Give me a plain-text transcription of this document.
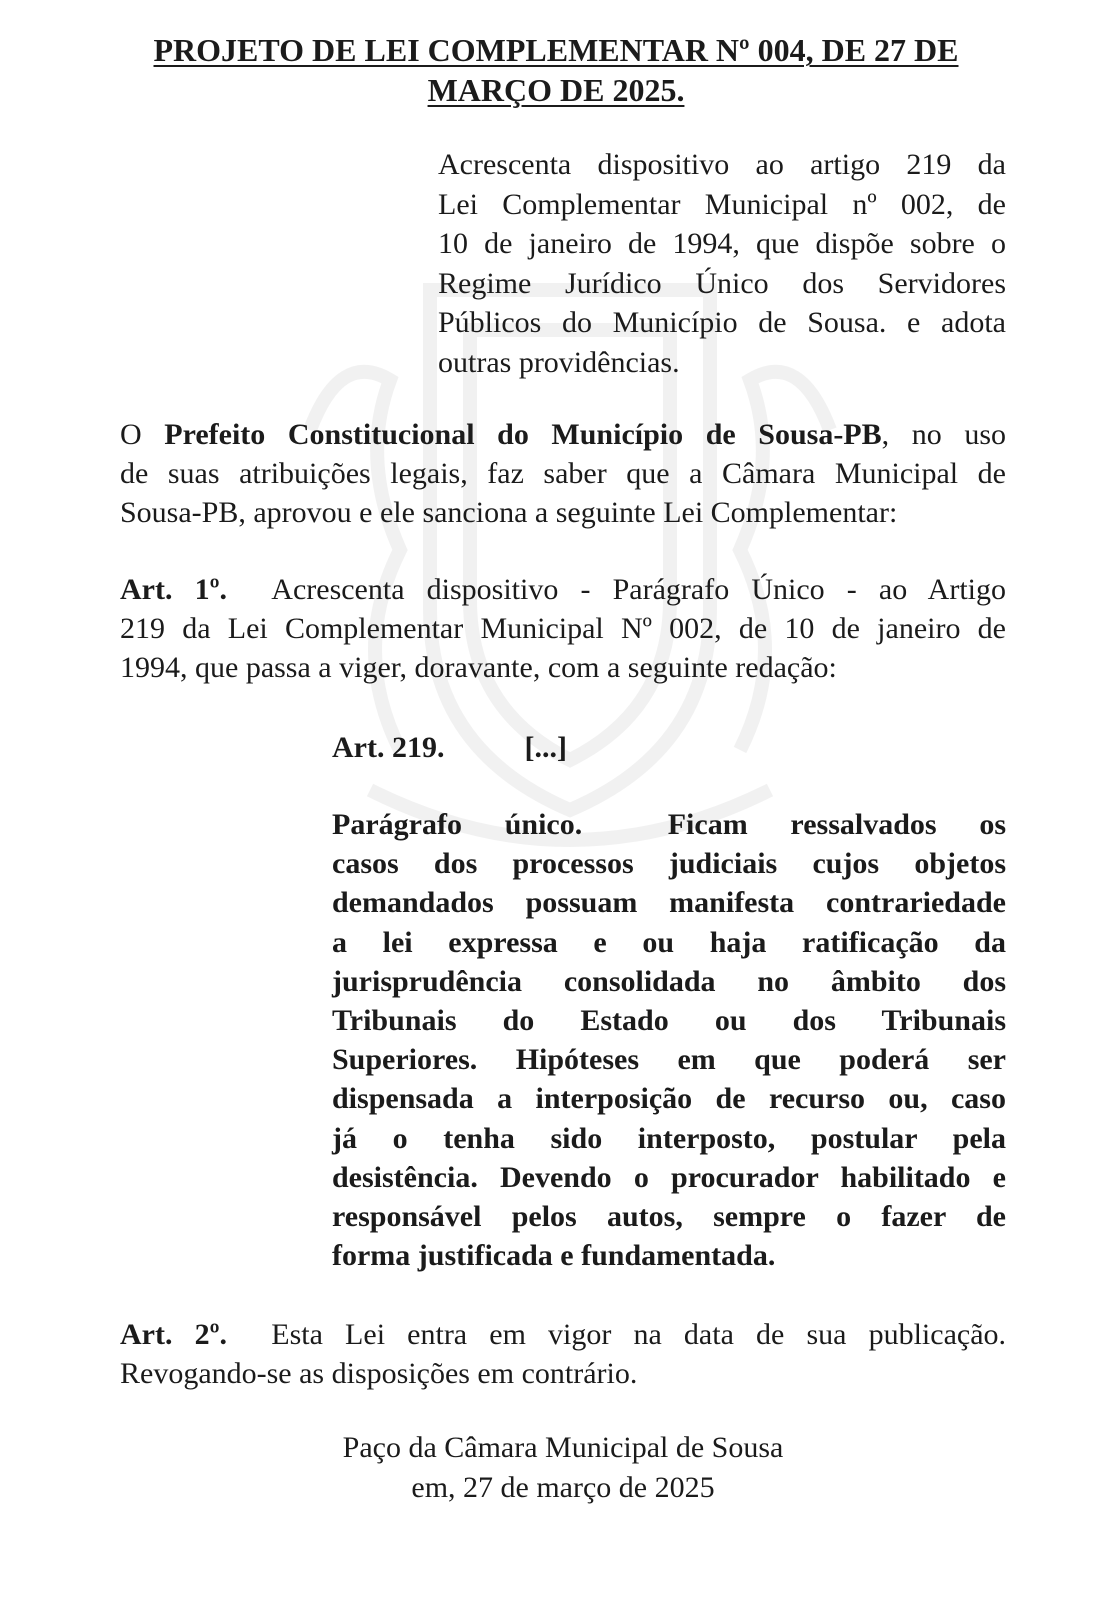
PROJETO DE LEI COMPLEMENTAR Nº 004, DE 27 DE
MARÇO DE 2025.
Acrescenta dispositivo ao artigo 219 da
Lei Complementar Municipal nº 002, de
10 de janeiro de 1994, que dispõe sobre o
Regime Jurídico Único dos Servidores
Públicos do Município de Sousa. e adota
outras providências.
O Prefeito Constitucional do Município de Sousa-PB, no uso
de suas atribuições legais, faz saber que a Câmara Municipal de
Sousa-PB, aprovou e ele sanciona a seguinte Lei Complementar:
Art. 1º. Acrescenta dispositivo - Parágrafo Único - ao Artigo
219 da Lei Complementar Municipal Nº 002, de 10 de janeiro de
1994, que passa a viger, doravante, com a seguinte redação:
Art. 219.	[...]
Parágrafo único.  Ficam ressalvados os
casos dos processos judiciais cujos objetos
demandados possuam manifesta contrariedade
a lei expressa e ou haja ratificação da
jurisprudência consolidada no âmbito dos
Tribunais do Estado ou dos Tribunais
Superiores. Hipóteses em que poderá ser
dispensada a interposição de recurso ou, caso
já o tenha sido interposto, postular pela
desistência. Devendo o procurador habilitado e
responsável pelos autos, sempre o fazer de
forma justificada e fundamentada.
Art. 2º. Esta Lei entra em vigor na data de sua publicação.
Revogando-se as disposições em contrário.
Paço da Câmara Municipal de Sousa
em, 27 de março de 2025
